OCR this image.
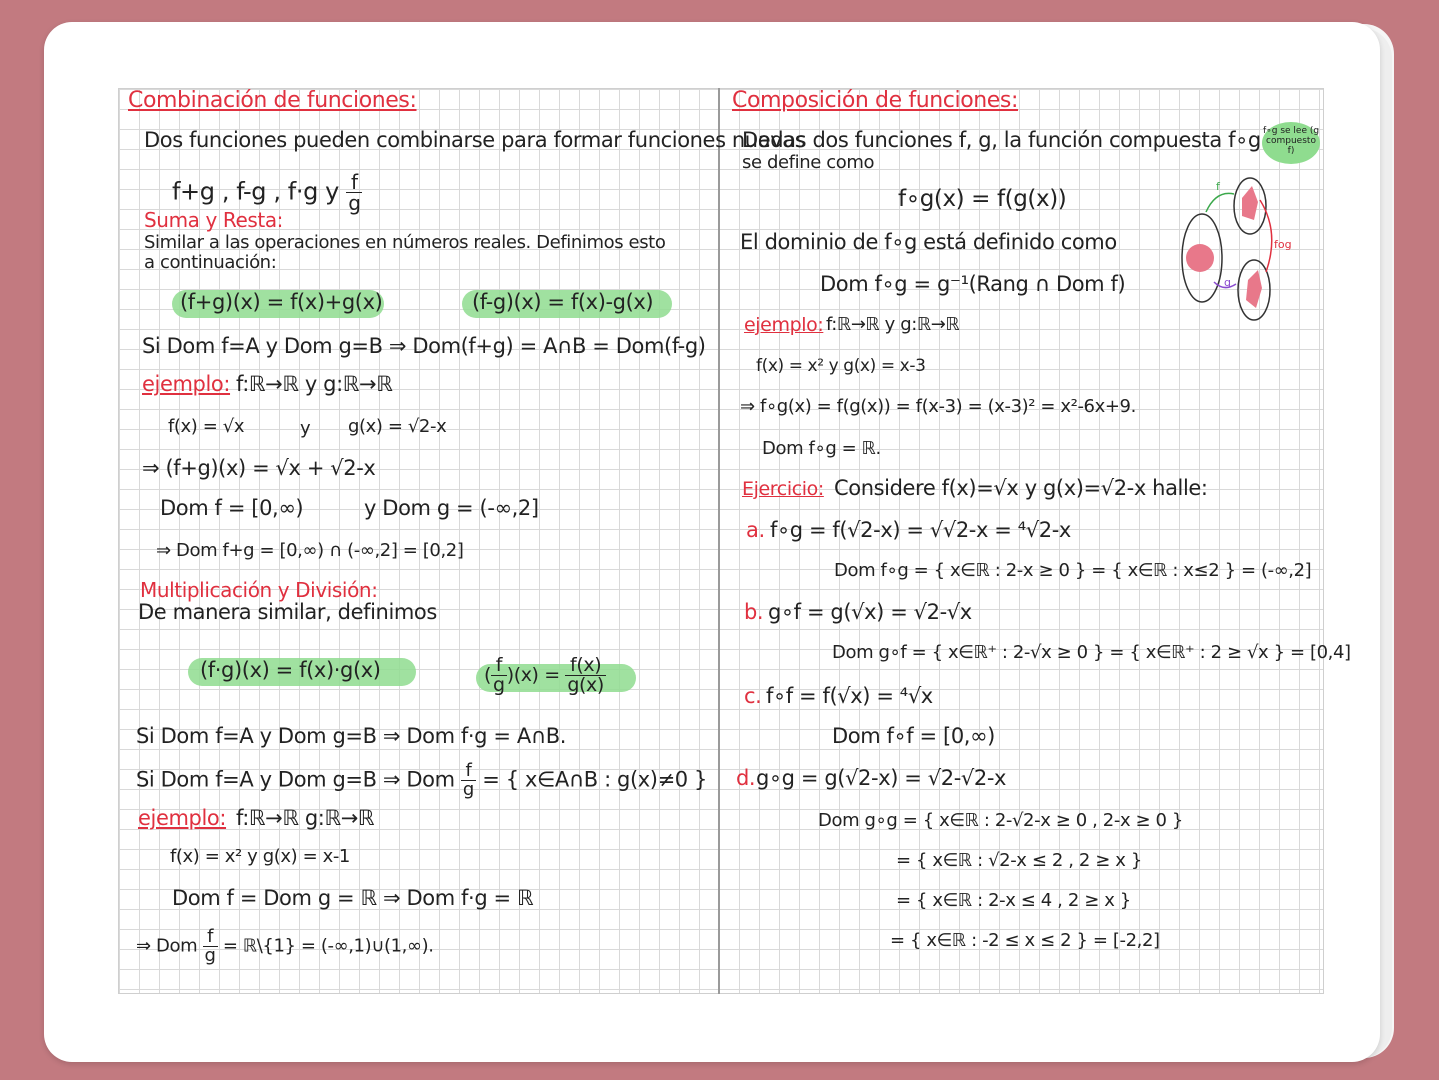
Combinación de funciones:
Dos funciones pueden combinarse para formar funciones nuevas
f+g , f-g , f·g y $\frac{f}{g}$
Suma y Resta:
Similar a las operaciones en números reales. Definimos esto
a continuación:
(f+g)(x) = f(x)+g(x)	(f-g)(x) = f(x)-g(x)
Si Dom f=A y Dom g=B ⇒ Dom(f+g) = A∩B = Dom(f-g)
ejemplo: f:ℝ→ℝ y g:ℝ→ℝ
f(x) = √x	y g(x) = √2-x
⇒ (f+g)(x) = √x + √2-x
Dom f = [0,∞)	y Dom g = (-∞,2]
⇒ Dom f+g = [0,∞) ∩ (-∞,2] = [0,2]
Multiplicación y División:
De manera similar, definimos
(f·g)(x) = f(x)·g(x)	( $\frac{f}{g} )(x) = \frac{f(x)}{g(x)}$
Si Dom f=A y Dom g=B ⇒ Dom f·g = A∩B.
Si Dom f=A y Dom g=B ⇒ Dom $\frac{f}{g}$ = { x∈A∩B : g(x)≠0 }
ejemplo: f:ℝ→ℝ g:ℝ→ℝ
f(x) = x² y g(x) = x-1
Dom f = Dom g = ℝ ⇒ Dom f·g = ℝ
⇒ Dom $\frac{f}{g}$ = ℝ\{1} = (-∞,1)∪(1,∞).
Composición de funciones:
Dadas dos funciones f, g, la función compuesta f∘g
se define como
f∘g se lee (g compuesto f)
f∘g(x) = f(g(x))
El dominio de f∘g está definido como
Dom f∘g = g⁻¹(Rang ∩ Dom f)
f
g
fog
ejemplo: f:ℝ→ℝ y g:ℝ→ℝ
f(x) = x² y g(x) = x-3
⇒ f∘g(x) = f(g(x)) = f(x-3) = (x-3)² = x²-6x+9.
Dom f∘g = ℝ.
Ejercicio: Considere f(x)=√x y g(x)=√2-x halle:
a. f∘g = f(√2-x) = √√2-x = ⁴√2-x
Dom f∘g = { x∈ℝ : 2-x ≥ 0 } = { x∈ℝ : x≤2 } = (-∞,2]
b. g∘f = g(√x) = √2-√x
Dom g∘f = { x∈ℝ⁺ : 2-√x ≥ 0 } = { x∈ℝ⁺ : 2 ≥ √x } = [0,4]
c. f∘f = f(√x) = ⁴√x
Dom f∘f = [0,∞)
d. g∘g = g(√2-x) = √2-√2-x
Dom g∘g = { x∈ℝ : 2-√2-x ≥ 0 , 2-x ≥ 0 }
= { x∈ℝ : √2-x ≤ 2 , 2 ≥ x }
= { x∈ℝ : 2-x ≤ 4 , 2 ≥ x }
= { x∈ℝ : -2 ≤ x ≤ 2 } = [-2,2]
